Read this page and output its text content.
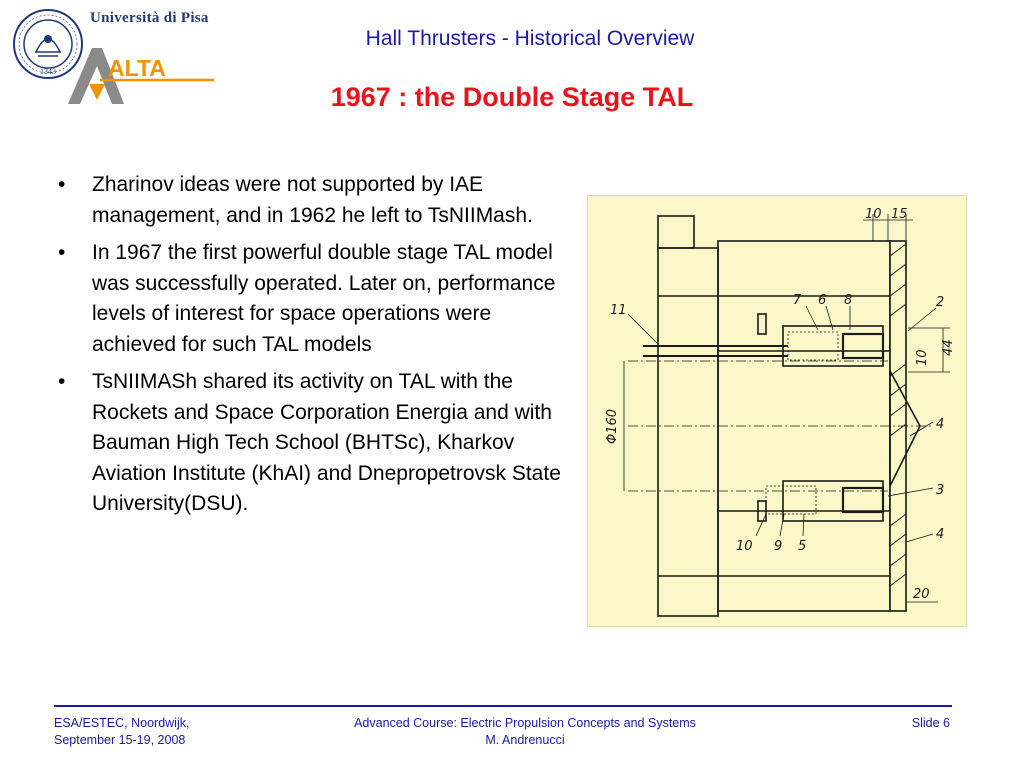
1343
Università di Pisa
ALTA
Hall Thrusters - Historical Overview
1967 : the Double Stage TAL
• Zharinov ideas were not supported by IAE management, and in 1962 he left to TsNIIMash.
• In 1967 the first powerful double stage TAL model was successfully operated. Later on, performance levels of interest for space operations were achieved for such TAL models
• TsNIIMASh shared its activity on TAL with the Rockets and Space Corporation Energia and with Bauman High Tech School (BHTSc), Kharkov Aviation Institute (KhAI) and Dnepropetrovsk State University(DSU).
10 15
11
7 6 8	2
44
10
Φ160	4
3
4
10 9 5
20
ESA/ESTEC, Noordwijk,
September 15-19, 2008
Advanced Course: Electric Propulsion Concepts and Systems
M. Andrenucci
Slide 6
